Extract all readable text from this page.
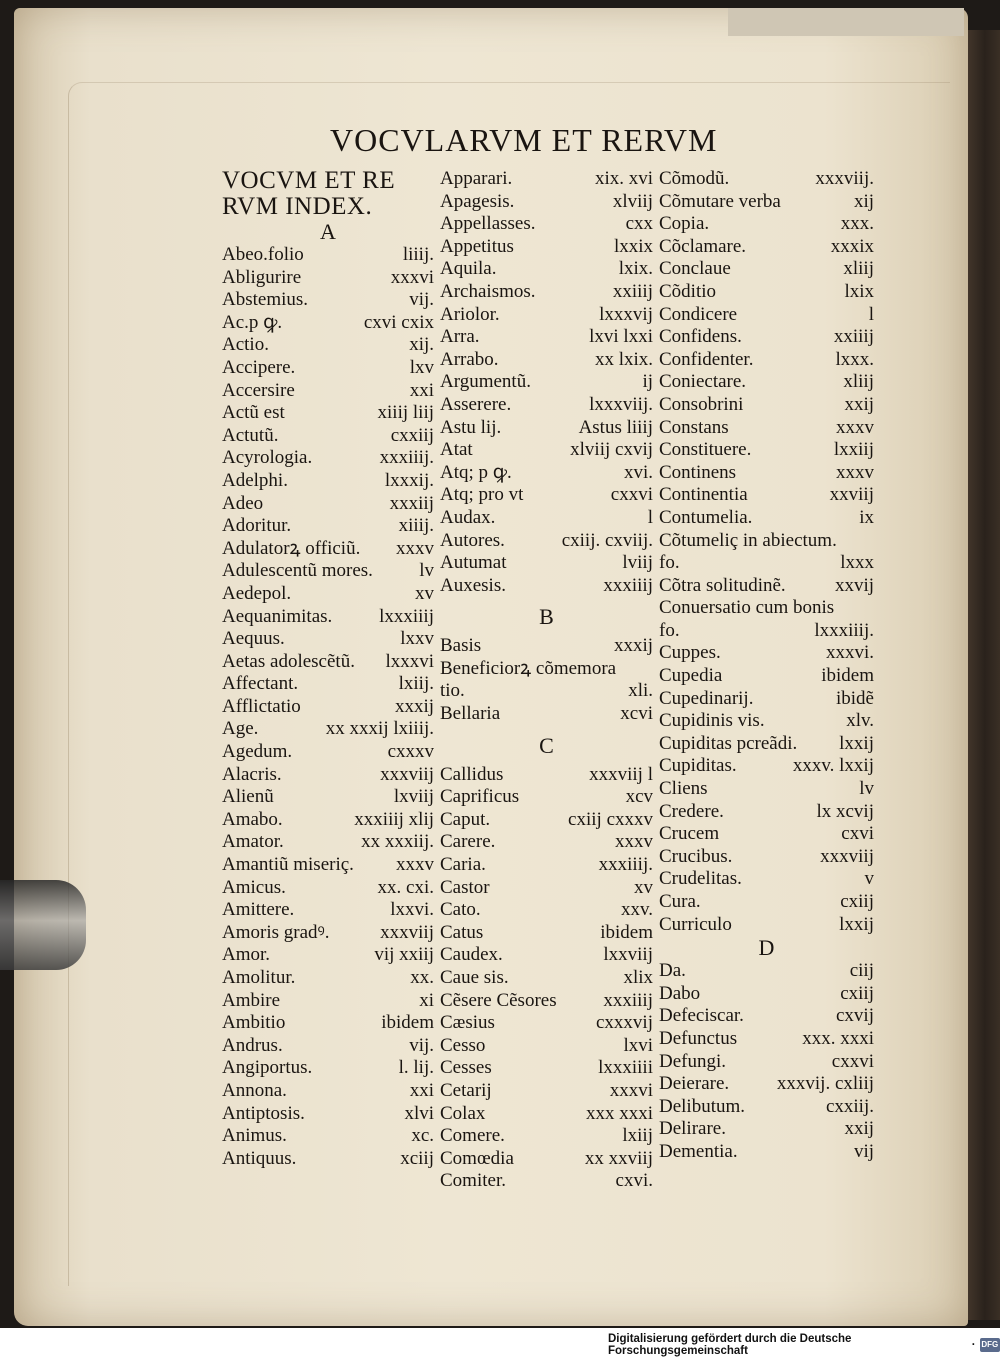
VOCVLARVM ET RERVM
VOCVM ET RE
RVM INDEX.
A
Abeo.folio	liiij.
Abligurire	xxxvi
Abstemius.	vij.
Ac.p ꝙ.	cxvi cxix
Actio.	xij.
Accipere.	lxv
Accersire	xxi
Actũ est	xiiij liij
Actutũ.	cxxiij
Acyrologia.	xxxiiij.
Adelphi.	lxxxij.
Adeo	xxxiij
Adoritur.	xiiij.
Adulatorꝝ officiũ. xxxv
Adulescentũ mores. lv
Aedepol.	xv
Aequanimitas. lxxxiiij
Aequus.	lxxv
Aetas adolescẽtũ. lxxxvi
Affectant.	lxiij.
Afflictatio	xxxij
Age.	xx xxxij lxiiij.
Agedum.	cxxxv
Alacris.	xxxviij
Alienũ	lxviij
Amabo.	xxxiiij xlij
Amator.	xx xxxiij.
Amantiũ miseriç. xxxv
Amicus.	xx. cxi.
Amittere.	lxxvi.
Amoris gradꝰ.	xxxviij
Amor.	vij xxiij
Amolitur.	xx.
Ambire	xi
Ambitio	ibidem
Andrus.	vij.
Angiportus.	l. lij.
Annona.	xxi
Antiptosis.	xlvi
Animus.	xc.
Antiquus.	xciij
Apparari.	xix. xvi
Apagesis.	xlviij
Appellasses.	cxx
Appetitus	lxxix
Aquila.	lxix.
Archaismos.	xxiiij
Ariolor.	lxxxvij
Arra.	lxvi lxxi
Arrabo.	xx lxix.
Argumentũ.	ij
Asserere.	lxxxviij.
Astu lij.	Astus liiij
Atat	xlviij cxvij
Atq; p ꝙ.	xvi.
Atq; pro vt	cxxvi
Audax.	l
Autores.	cxiij. cxviij.
Autumat	lviij
Auxesis.	xxxiiij
B
Basis	xxxij
Beneficiorꝝ cõmemora
tio.	xli.
Bellaria	xcvi
C
Callidus	xxxviij l
Caprificus	xcv
Caput.	cxiij cxxxv
Carere.	xxxv
Caria.	xxxiiij.
Castor	xv
Cato.	xxv.
Catus	ibidem
Caudex.	lxxviij
Caue sis.	xlix
Cẽsere Cẽsores xxxiiij
Cæsius	cxxxvij
Cesso	lxvi
Cesses	lxxxiiii
Cetarij	xxxvi
Colax	xxx xxxi
Comere.	lxiij
Comœdia	xx xxviij
Comiter.	cxvi.
Cõmodũ.	xxxviij.
Cõmutare verba	xij
Copia.	xxx.
Cõclamare.	xxxix
Conclaue	xliij
Cõditio	lxix
Condicere	l
Confidens.	xxiiij
Confidenter.	lxxx.
Coniectare.	xliij
Consobrini	xxij
Constans	xxxv
Constituere.	lxxiij
Continens	xxxv
Continentia	xxviij
Contumelia.	ix
Cõtumeliç in abiectum.
fo.	lxxx
Cõtra solitudinẽ.	xxvij
Conuersatio cum bonis
fo.	lxxxiiij.
Cuppes.	xxxvi.
Cupedia	ibidem
Cupedinarij.	ibidẽ
Cupidinis vis.	xlv.
Cupiditas pcreãdi. lxxij
Cupiditas.	xxxv. lxxij
Cliens	lv
Credere.	lx xcvij
Crucem	cxvi
Crucibus.	xxxviij
Crudelitas.	v
Cura.	cxiij
Curriculo	lxxij
D
Da.	ciij
Dabo	cxiij
Defeciscar.	cxvij
Defunctus	xxx. xxxi
Defungi.	cxxvi
Deierare.	xxxvij. cxliij
Delibutum.	cxxiij.
Delirare.	xxij
Dementia.	vij
Digitalisierung gefördert durch die Deutsche Forschungsgemeinschaft	· DFG
